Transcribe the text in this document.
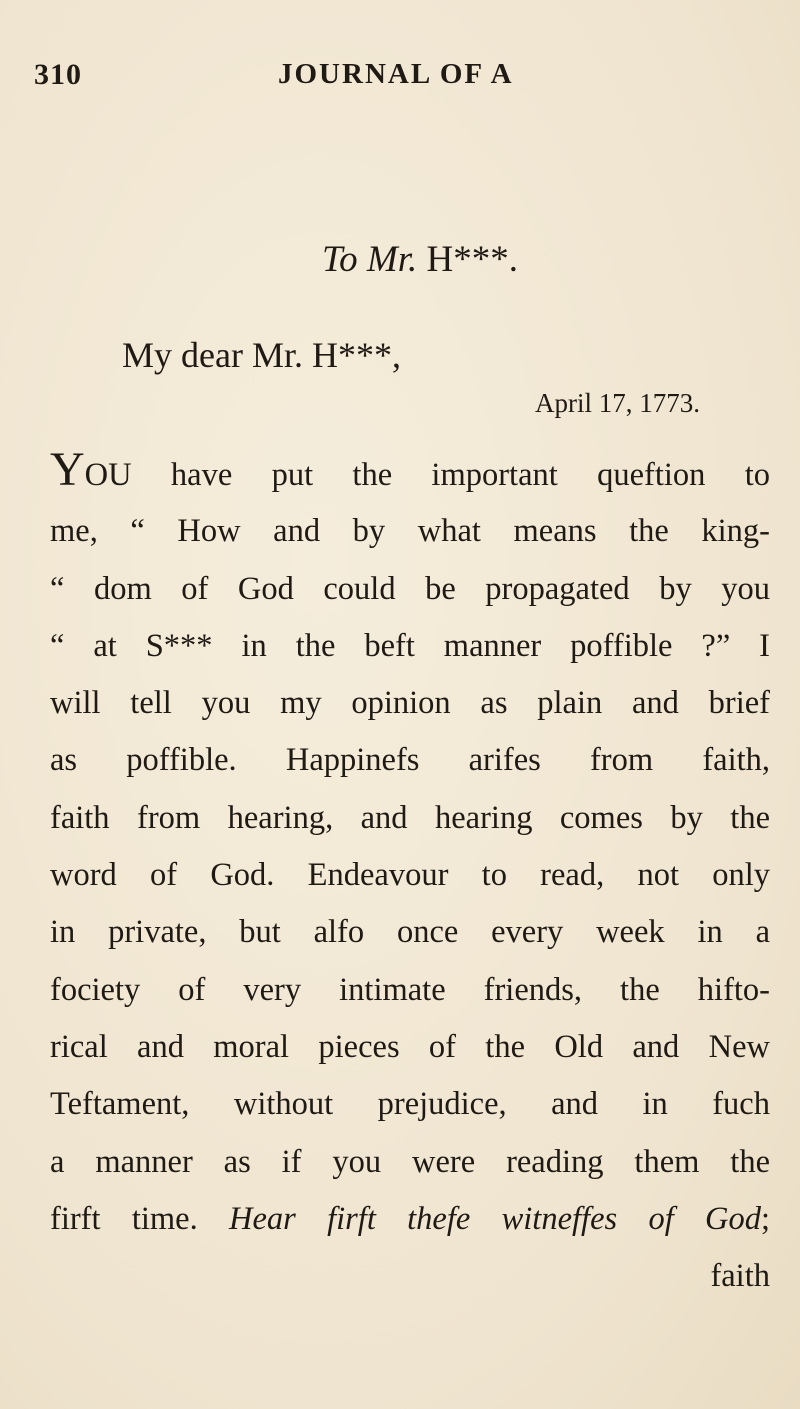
310	JOURNAL OF A
To Mr. H***.
My dear Mr. H***,
April 17, 1773.
YOU have put the important queftion to
me, “ How and by what means the king-
“ dom of God could be propagated by you
“ at S*** in the beft manner poffible ?” I
will tell you my opinion as plain and brief
as poffible. Happinefs arifes from faith,
faith from hearing, and hearing comes by the
word of God. Endeavour to read, not only
in private, but alfo once every week in a
fociety of very intimate friends, the hifto-
rical and moral pieces of the Old and New
Teftament, without prejudice, and in fuch
a manner as if you were reading them the
firft time. Hear firft thefe witneffes of God;
faith
